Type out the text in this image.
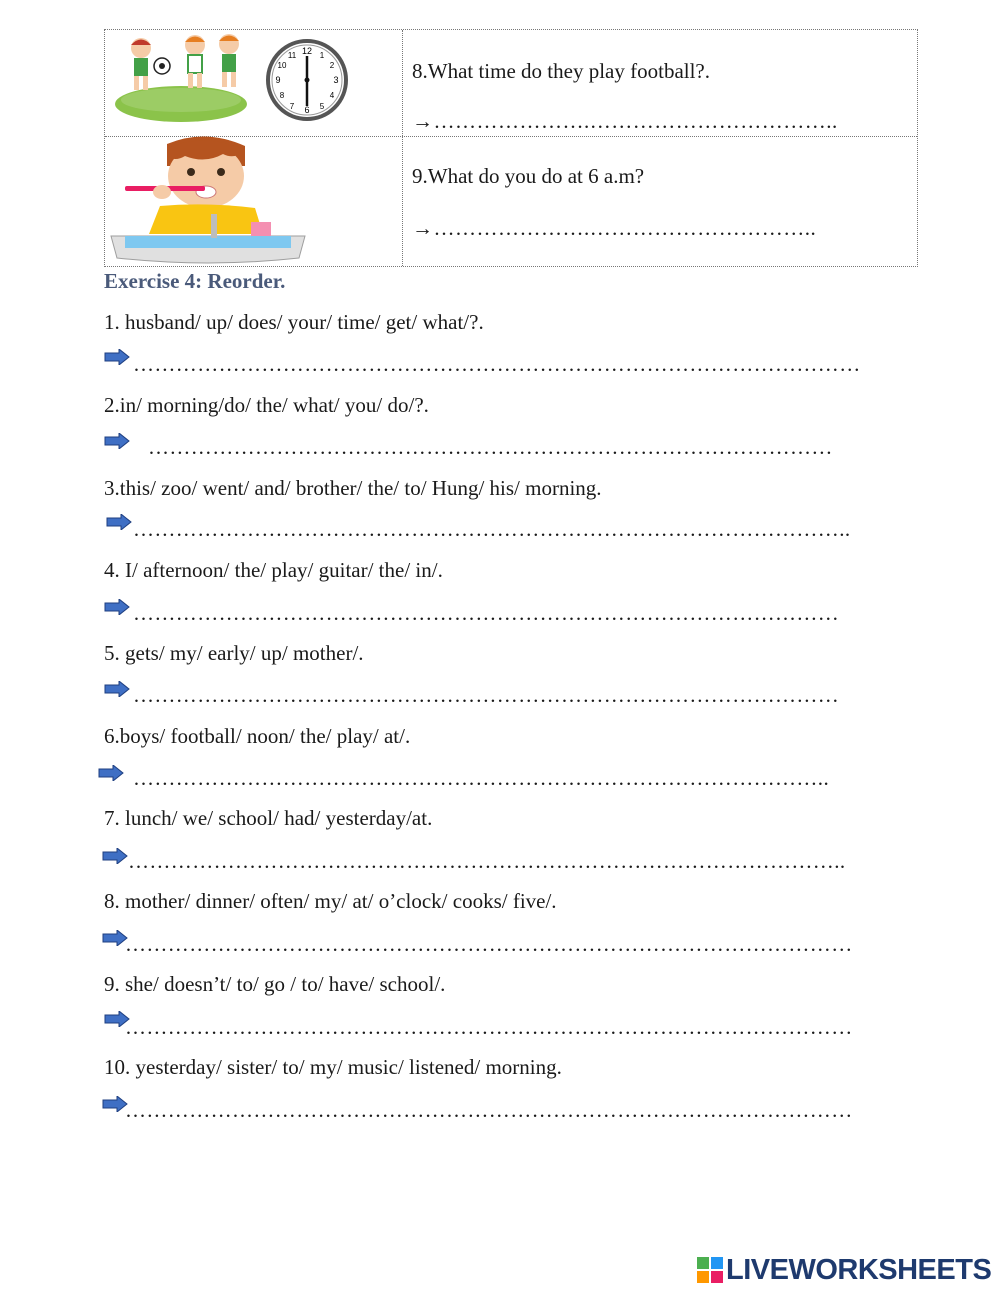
12
3
6
9
1
2
4
5
7
8
10
11
8.What time do they play football?.
→………………….……………………………..
9.What do you do at 6 a.m?
→………………….…………………………..
Exercise 4: Reorder.
1. husband/ up/ does/ your/ time/ get/ what/?.
…………………………………………………………………………………………
2.in/ morning/do/ the/ what/ you/ do/?.
……………………………………………………………………………………
3.this/ zoo/ went/ and/ brother/ the/ to/ Hung/ his/ morning.
………………………………………………………………………………………..
4. I/ afternoon/ the/ play/ guitar/ the/ in/.
………………………………………………………………………………………
5. gets/ my/ early/ up/ mother/.
………………………………………………………………………………………
6.boys/ football/ noon/ the/ play/ at/.
……………………………………………………………………………………..
7. lunch/ we/ school/ had/ yesterday/at.
………………………………………………………………………………………..
8. mother/ dinner/ often/ my/ at/ o’clock/ cooks/ five/.
…………………………………………………………………………………………
9. she/ doesn’t/ to/ go / to/ have/ school/.
…………………………………………………………………………………………
10. yesterday/ sister/ to/ my/ music/ listened/ morning.
…………………………………………………………………………………………
LIVEWORKSHEETS
